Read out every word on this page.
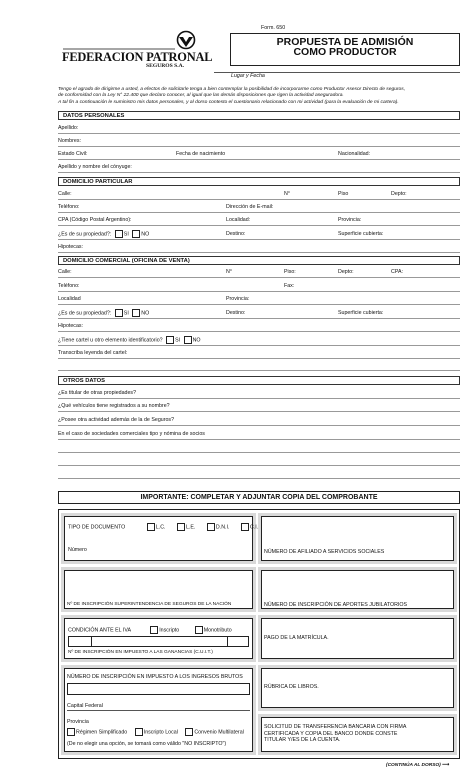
FEDERACION PATRONAL
SEGUROS S.A.
Form. 650
PROPUESTA DE ADMISIÓN
COMO PRODUCTOR
Lugar y Fecha
Tengo el agrado de dirigirme a usted, a efectos de solicitarle tenga a bien contemplar la posibilidad de incorporarme como Productor Asesor Directo de seguros,
de conformidad con la Ley N° 22.400 que declaro conocer, al igual que las demás disposiciones que rigen la actividad aseguradora.
A tal fin a continuación le suministro mis datos personales, y al dorso contesto el cuestionario relacionado con mi actividad (para la evaluación de mi cartera).
DATOS PERSONALES
Apellido:
Nombres:
Estado Civil:	Fecha de nacimiento	Nacionalidad:
Apellido y nombre del cónyuge:
DOMICILIO PARTICULAR
Calle:	N°	Piso	Depto:
Teléfono:	Dirección de E-mail:
CPA (Código Postal Argentino):	Localidad:	Provincia:
¿Es de su propiedad?: SI NO	Destino:	Superficie cubierta:
Hipotecas:
DOMICILIO COMERCIAL (OFICINA DE VENTA)
Calle:	N°	Piso:	Depto:	CPA:
Teléfono:	Fax:
Localidad	Provincia:
¿Es de su propiedad?: SI NO	Destino:	Superficie cubierta:
Hipotecas:
¿Tiene cartel u otro elemento identificatorio? SI NO
Transcriba leyenda del cartel:
OTROS DATOS
¿Es titular de otras propiedades?
¿Qué vehículos tiene registrados a su nombre?
¿Posee otra actividad además de la de Seguros?
En el caso de sociedades comerciales tipo y nómina de socios
IMPORTANTE: COMPLETAR Y ADJUNTAR COPIA DEL COMPROBANTE
TIPO DE DOCUMENTO	L.C.	L.E.	D.N.I.	C.I.
Número	NÚMERO DE AFILIADO A SERVICIOS SOCIALES
Nº DE INSCRIPCIÓN SUPERINTENDENCIA DE SEGUROS DE LA NACIÓN	NÚMERO DE INSCRIPCIÓN DE APORTES JUBILATORIOS
CONDICIÓN ANTE EL IVA	Inscripto	Monotributo
Nº DE INSCRIPCIÓN EN IMPUESTO A LAS GANANCIAS (C.U.I.T.)
PAGO DE LA MATRÍCULA.
NÚMERO DE INSCRIPCIÓN EN IMPUESTO A LOS INGRESOS BRUTOS
Capital Federal
Provincia
Régimen Simplificado	Inscripto Local	Convenio Multilateral
(De no elegir una opción, se tomará como válido "NO INSCRIPTO")
RÚBRICA DE LIBROS.
SOLICITUD DE TRANSFERENCIA BANCARIA CON FIRMA
CERTIFICADA Y COPIA DEL BANCO DONDE CONSTE
TITULAR Y/ES DE LA CUENTA.
(CONTINÚA AL DORSO) ⟶
